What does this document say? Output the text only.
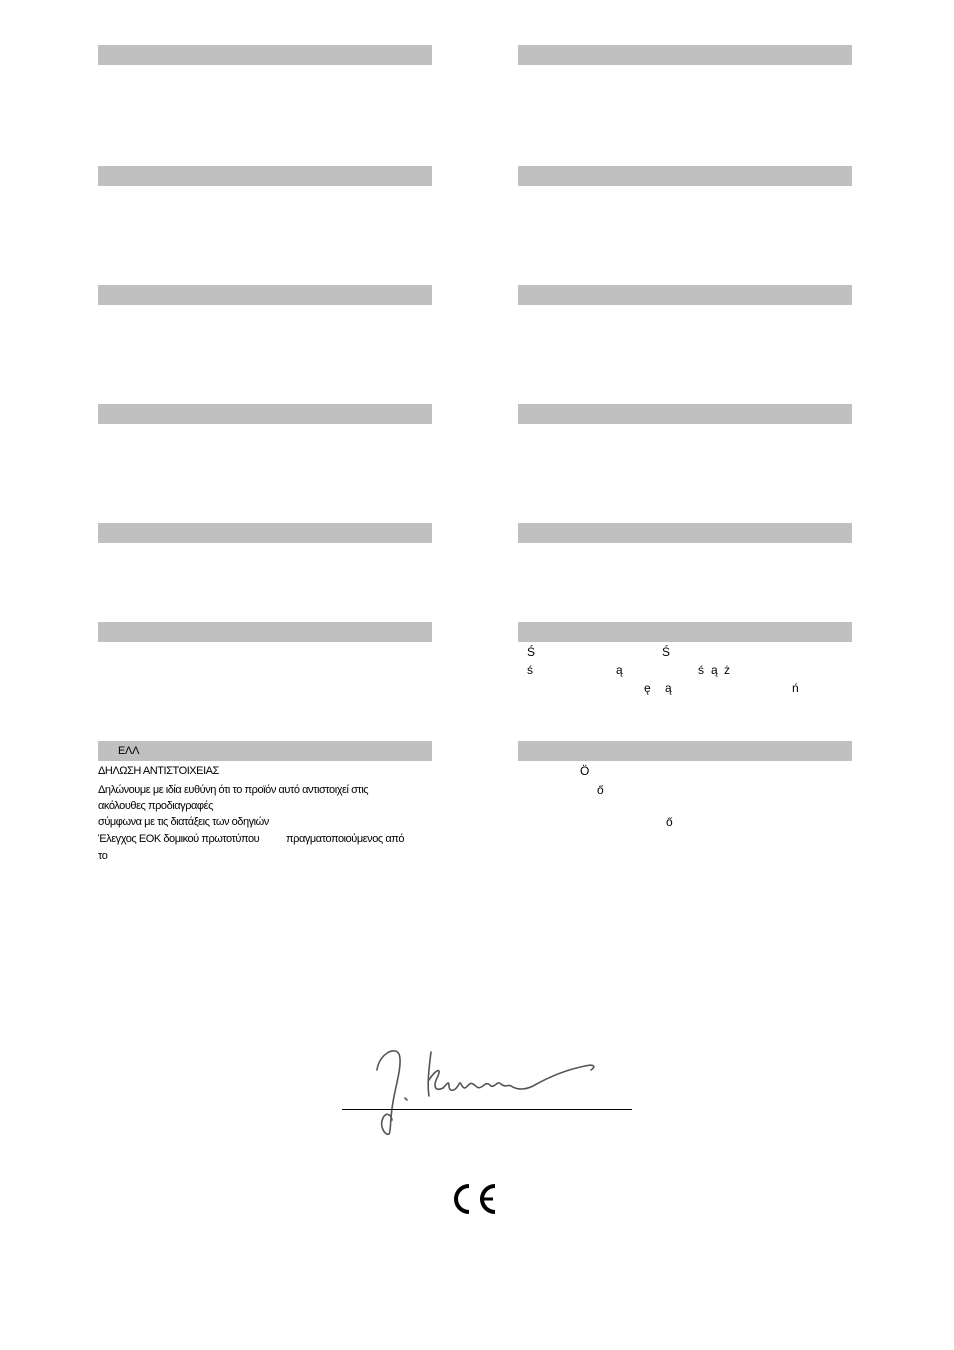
ΕΛΛ
ΔΗΛΩΣΗ ΑΝΤΙΣΤΟΙΧΕΙΑΣ
Δηλώνουμε με ιδία ευθύνη ότι το προϊόν αυτό αντιστοιχεί στις
ακόλουθες προδιαγραφές
σύμφωνα με τις διατάξεις των οδηγιών
Έλεγχος ΕΟΚ δομικού πρωτοτύπου πραγματοποιούμενος από
το
Ś	Ś
ś	ą	ś ą ż
ę ą	ń
Ö
ő
ő
